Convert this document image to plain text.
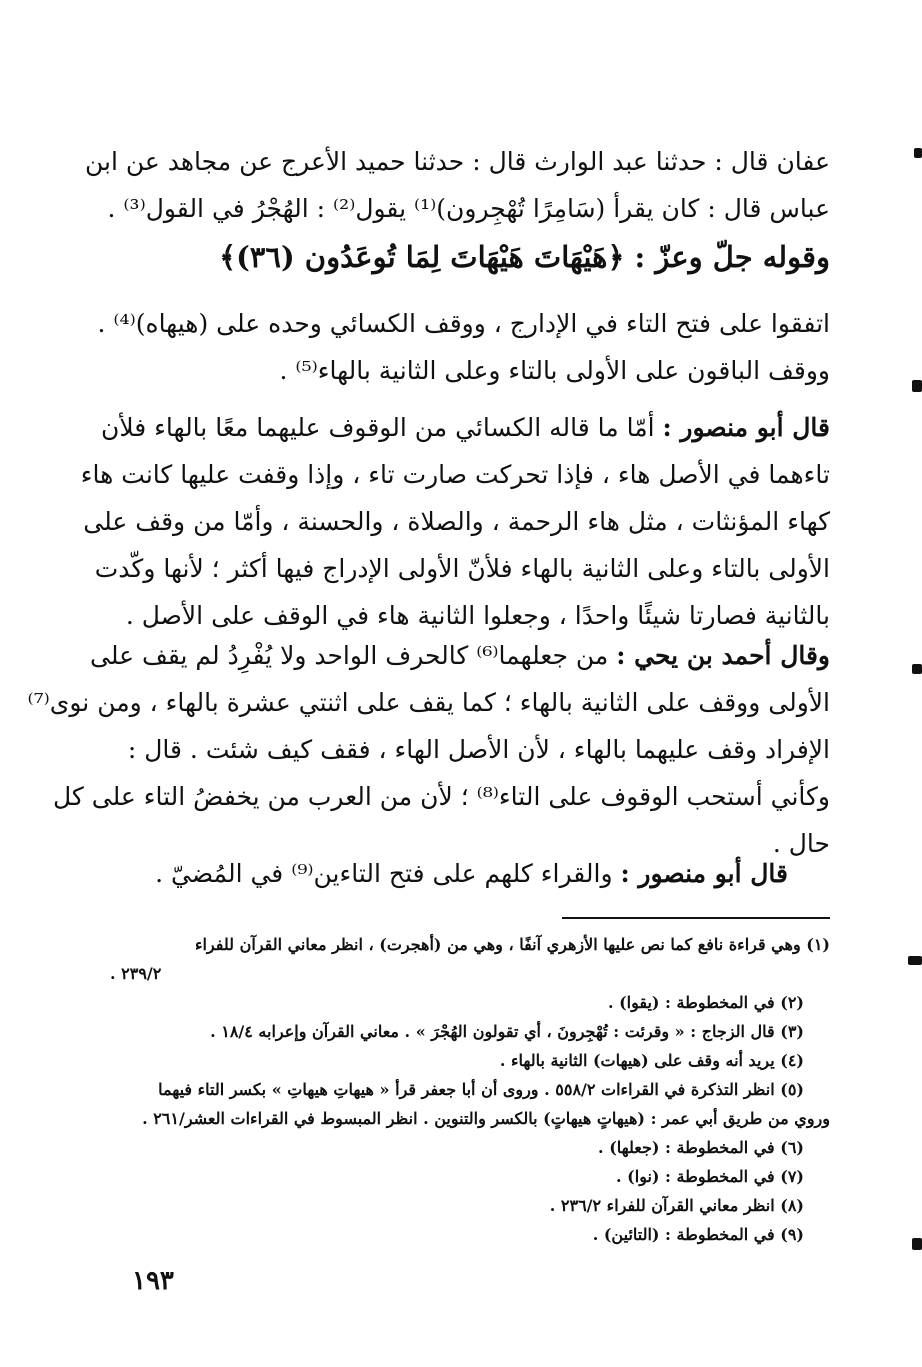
عفان قال : حدثنا عبد الوارث قال : حدثنا حميد الأعرج عن مجاهد عن ابن
عباس قال : كان يقرأ (سَامِرًا تُهْجِرون)⁽¹⁾ يقول⁽²⁾ : الهُجْرُ في القول⁽³⁾ .
وقوله جلّ وعزّ : ﴿هَيْهَاتَ هَيْهَاتَ لِمَا تُوعَدُون (٣٦)﴾
اتفقوا على فتح التاء في الإدارج ، ووقف الكسائي وحده على (هيهاه)⁽⁴⁾ .
ووقف الباقون على الأولى بالتاء وعلى الثانية بالهاء⁽⁵⁾ .
قال أبو منصور : أمّا ما قاله الكسائي من الوقوف عليهما معًا بالهاء فلأن
تاءهما في الأصل هاء ، فإذا تحركت صارت تاء ، وإذا وقفت عليها كانت هاء
كهاء المؤنثات ، مثل هاء الرحمة ، والصلاة ، والحسنة ، وأمّا من وقف على
الأولى بالتاء وعلى الثانية بالهاء فلأنّ الأولى الإدراج فيها أكثر ؛ لأنها وكّدت
بالثانية فصارتا شيئًا واحدًا ، وجعلوا الثانية هاء في الوقف على الأصل .
وقال أحمد بن يحي : من جعلهما⁽⁶⁾ كالحرف الواحد ولا يُفْرِدُ لم يقف على
الأولى ووقف على الثانية بالهاء ؛ كما يقف على اثنتي عشرة بالهاء ، ومن نوى⁽⁷⁾
الإفراد وقف عليهما بالهاء ، لأن الأصل الهاء ، فقف كيف شئت . قال :
وكأني أستحب الوقوف على التاء⁽⁸⁾ ؛ لأن من العرب من يخفضُ التاء على كل
حال .
قال أبو منصور : والقراء كلهم على فتح التاءين⁽⁹⁾ في المُضيّ .
(١) وهي قراءة نافع كما نص عليها الأزهري آنفًا ، وهي من (أهجرت) ، انظر معاني القرآن للفراء
٢٣٩/٢ .
(٢) في المخطوطة : (يقوا) .
(٣) قال الزجاج : « وقرئت : تُهْجِرونَ ، أي تقولون الهُجْرَ » . معاني القرآن وإعرابه ١٨/٤ .
(٤) يريد أنه وقف على (هيهات) الثانية بالهاء .
(٥) انظر التذكرة في القراءات ٥٥٨/٢ . وروى أن أبا جعفر قرأ « هيهاتِ هيهاتِ » بكسر التاء فيهما
وروي من طريق أبي عمر : (هيهاتٍ هيهاتٍ) بالكسر والتنوين . انظر المبسوط في القراءات العشر/٢٦١ .
(٦) في المخطوطة : (جعلها) .
(٧) في المخطوطة : (نوا) .
(٨) انظر معاني القرآن للفراء ٢٣٦/٢ .
(٩) في المخطوطة : (التائين) .
١٩٣
